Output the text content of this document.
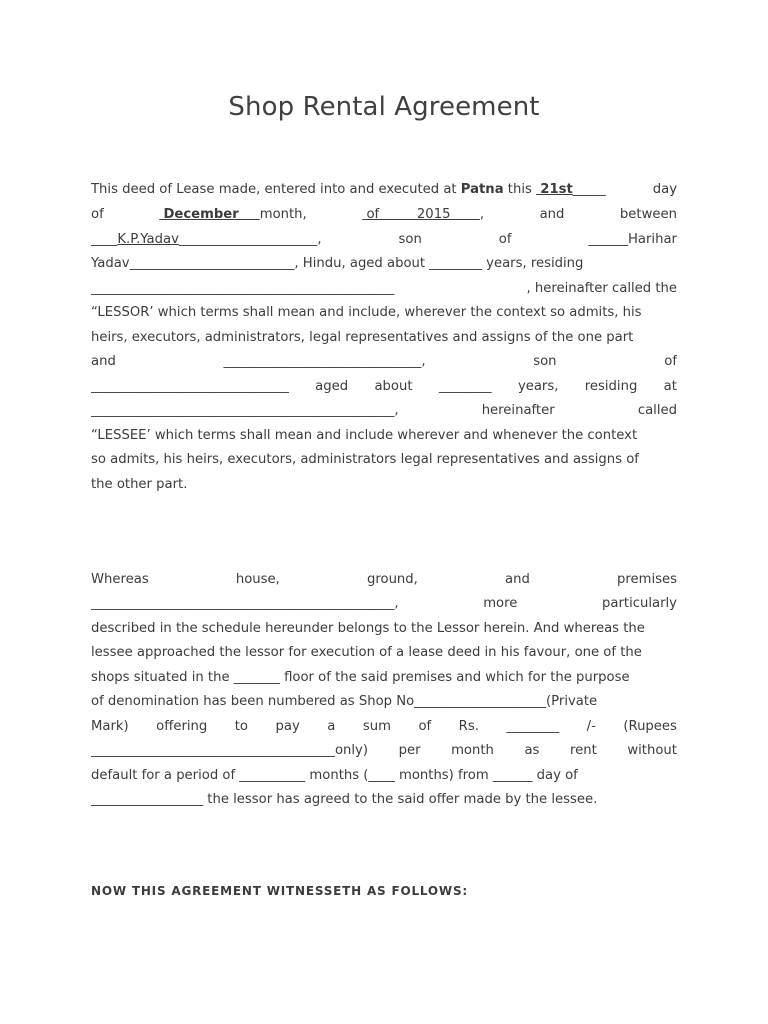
Shop Rental Agreement
This deed of Lease made, entered into and executed at Patna this  21st_____	day
of	December month,	of         2015 ,	and	between
____K.P.Yadav_____________________,	son	of	______Harihar
Yadav_________________________, Hindu, aged about ________ years, residing
______________________________________________	, hereinafter called the
“LESSOR’ which terms shall mean and include, wherever the context so admits, his
heirs, executors, administrators, legal representatives and assigns of the one part
and	______________________________,	son	of
______________________________ aged about ________ years, residing at
______________________________________________,	hereinafter	called
“LESSEE’ which terms shall mean and include wherever and whenever the context
so admits, his heirs, executors, administrators legal representatives and assigns of
the other part.
Whereas	house,	ground,	and	premises
______________________________________________,	more	particularly
described in the schedule hereunder belongs to the Lessor herein. And whereas the
lessee approached the lessor for execution of a lease deed in his favour, one of the
shops situated in the _______ floor of the said premises and which for the purpose
of denomination has been numbered as Shop No____________________(Private
Mark) offering to pay a sum of Rs. ________ /- (Rupees
_____________________________________only) per month as rent without
default for a period of __________ months (____ months) from ______ day of
_________________ the lessor has agreed to the said offer made by the lessee.
NOW THIS AGREEMENT WITNESSETH AS FOLLOWS:
